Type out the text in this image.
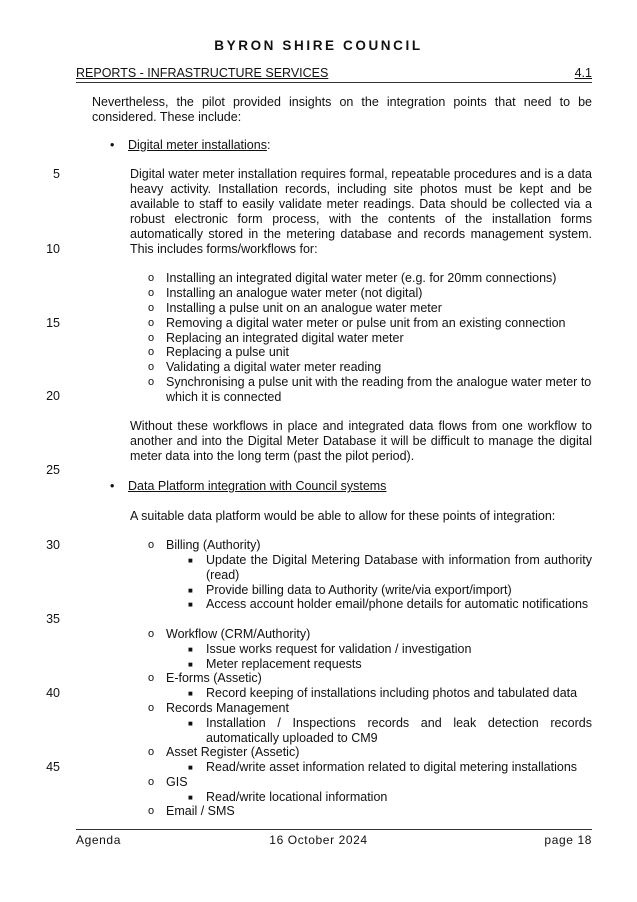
BYRON SHIRE COUNCIL
REPORTS - INFRASTRUCTURE SERVICES	4.1
5
10
15
20
25
30
35
40
45
Nevertheless, the pilot provided insights on the integration points that need to be considered. These include:
•	Digital meter installations:
Digital water meter installation requires formal, repeatable procedures and is a data heavy activity. Installation records, including site photos must be kept and be available to staff to easily validate meter readings. Data should be collected via a robust electronic form process, with the contents of the installation forms automatically stored in the metering database and records management system. This includes forms/workflows for:
o Installing an integrated digital water meter (e.g. for 20mm connections)
o Installing an analogue water meter (not digital)
o Installing a pulse unit on an analogue water meter
o Removing a digital water meter or pulse unit from an existing connection
o Replacing an integrated digital water meter
o Replacing a pulse unit
o Validating a digital water meter reading
o Synchronising a pulse unit with the reading from the analogue water meter to which it is connected
Without these workflows in place and integrated data flows from one workflow to another and into the Digital Meter Database it will be difficult to manage the digital meter data into the long term (past the pilot period).
•	Data Platform integration with Council systems
A suitable data platform would be able to allow for these points of integration:
o Billing (Authority)
■	Update the Digital Metering Database with information from authority (read)
■	Provide billing data to Authority (write/via export/import)
■	Access account holder email/phone details for automatic notifications
o Workflow (CRM/Authority)
■	Issue works request for validation / investigation
■	Meter replacement requests
o E-forms (Assetic)
■	Record keeping of installations including photos and tabulated data
o Records Management
■	Installation / Inspections records and leak detection records automatically uploaded to CM9
o Asset Register (Assetic)
■	Read/write asset information related to digital metering installations
o GIS
■	Read/write locational information
o Email / SMS
Agenda	16 October 2024	page 18
